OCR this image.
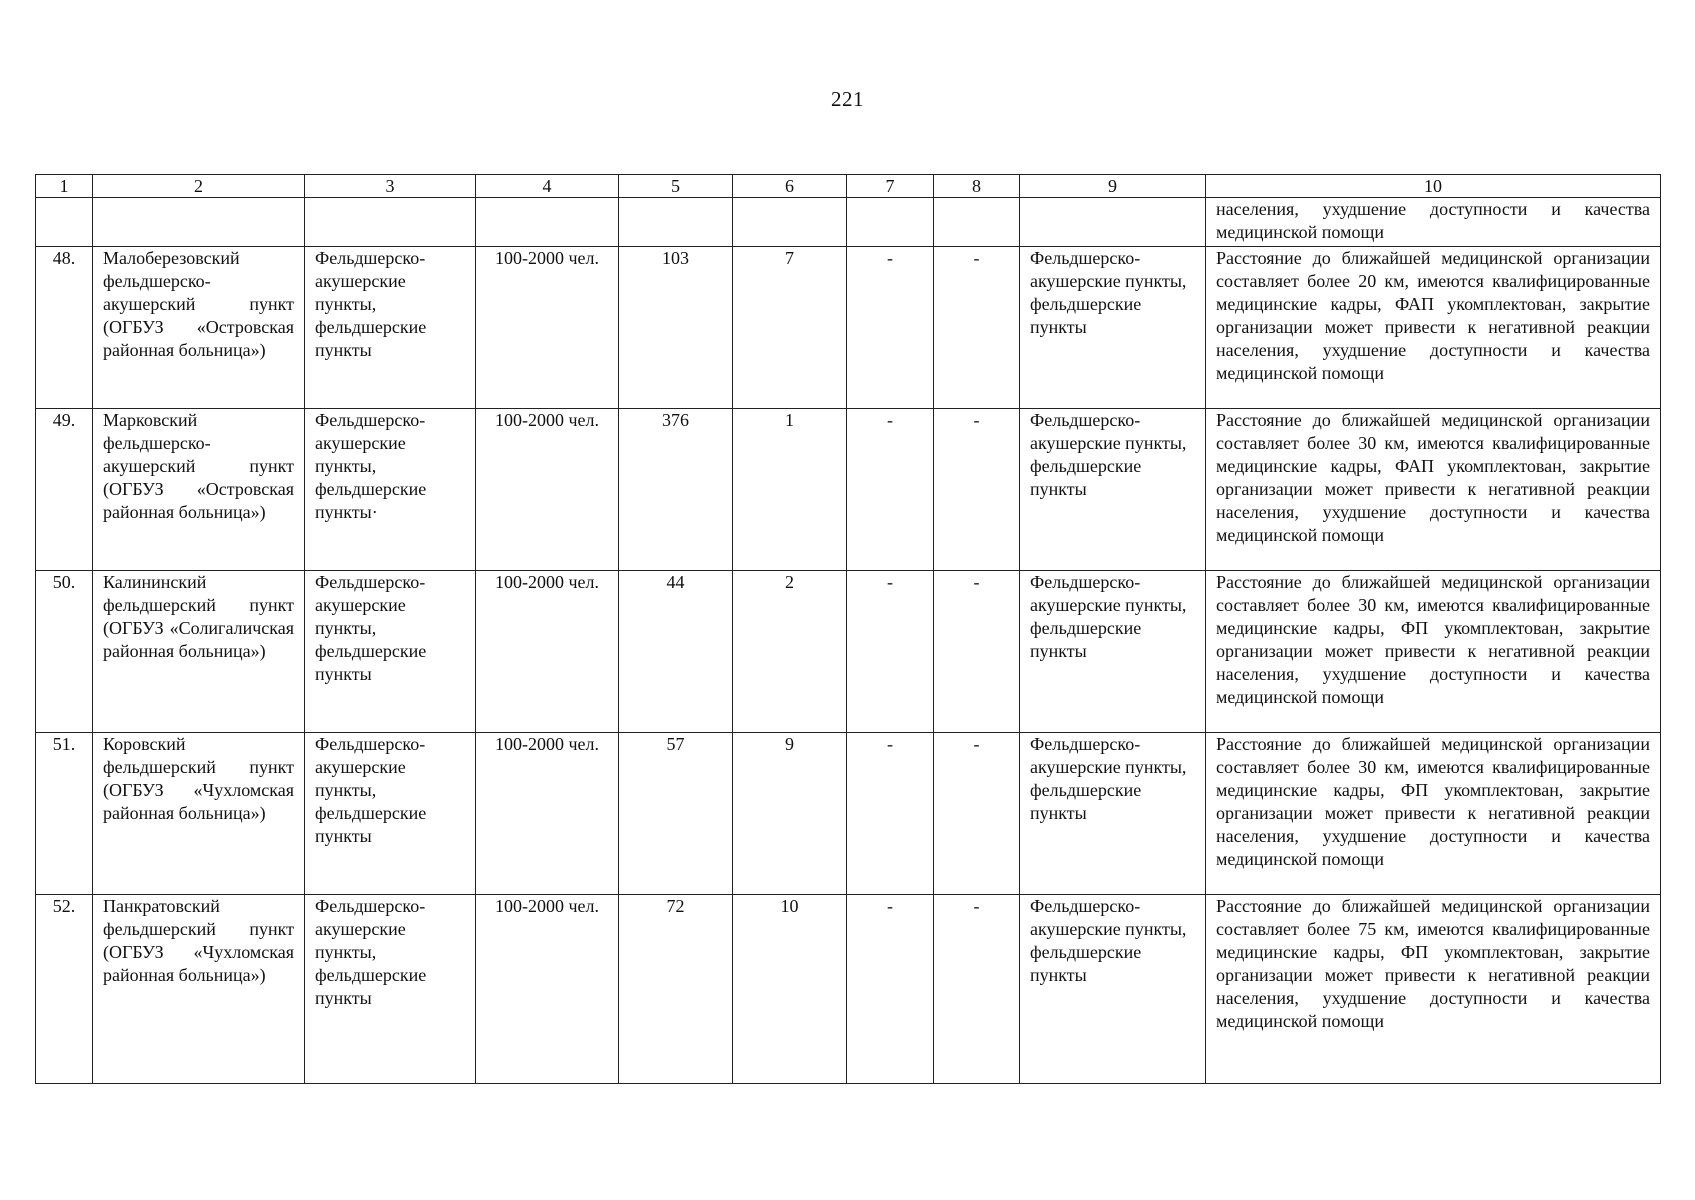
221
1	2	3	4	5	6	7	8	9	10
									населения, ухудшение доступности и качества медицинской помощи
48.	Малоберезовский фельдшерско-акушерский пункт (ОГБУЗ «Островская районная больница»)	Фельдшерско-акушерские пункты, фельдшерские пункты	100-2000 чел.	103	7	-	-	Фельдшерско-акушерские пункты, фельдшерские пункты	Расстояние до ближайшей медицинской организации составляет более 20 км, имеются квалифицированные медицинские кадры, ФАП укомплектован, закрытие организации может привести к негативной реакции населения, ухудшение доступности и качества медицинской помощи
49.	Марковский фельдшерско-акушерский пункт (ОГБУЗ «Островская районная больница»)	Фельдшерско-акушерские пункты, фельдшерские пункты·	100-2000 чел.	376	1	-	-	Фельдшерско-акушерские пункты, фельдшерские пункты	Расстояние до ближайшей медицинской организации составляет более 30 км, имеются квалифицированные медицинские кадры, ФАП укомплектован, закрытие организации может привести к негативной реакции населения, ухудшение доступности и качества медицинской помощи
50.	Калининский фельдшерский пункт (ОГБУЗ «Солигаличская районная больница»)	Фельдшерско-акушерские пункты, фельдшерские пункты	100-2000 чел.	44	2	-	-	Фельдшерско-акушерские пункты, фельдшерские пункты	Расстояние до ближайшей медицинской организации составляет более 30 км, имеются квалифицированные медицинские кадры, ФП укомплектован, закрытие организации может привести к негативной реакции населения, ухудшение доступности и качества медицинской помощи
51.	Коровский фельдшерский пункт (ОГБУЗ «Чухломская районная больница»)	Фельдшерско-акушерские пункты, фельдшерские пункты	100-2000 чел.	57	9	-	-	Фельдшерско-акушерские пункты, фельдшерские пункты	Расстояние до ближайшей медицинской организации составляет более 30 км, имеются квалифицированные медицинские кадры, ФП укомплектован, закрытие организации может привести к негативной реакции населения, ухудшение доступности и качества медицинской помощи
52.	Панкратовский фельдшерский пункт (ОГБУЗ «Чухломская районная больница»)	Фельдшерско-акушерские пункты, фельдшерские пункты	100-2000 чел.	72	10	-	-	Фельдшерско-акушерские пункты, фельдшерские пункты	Расстояние до ближайшей медицинской организации составляет более 75 км, имеются квалифицированные медицинские кадры, ФП укомплектован, закрытие организации может привести к негативной реакции населения, ухудшение доступности и качества медицинской помощи
